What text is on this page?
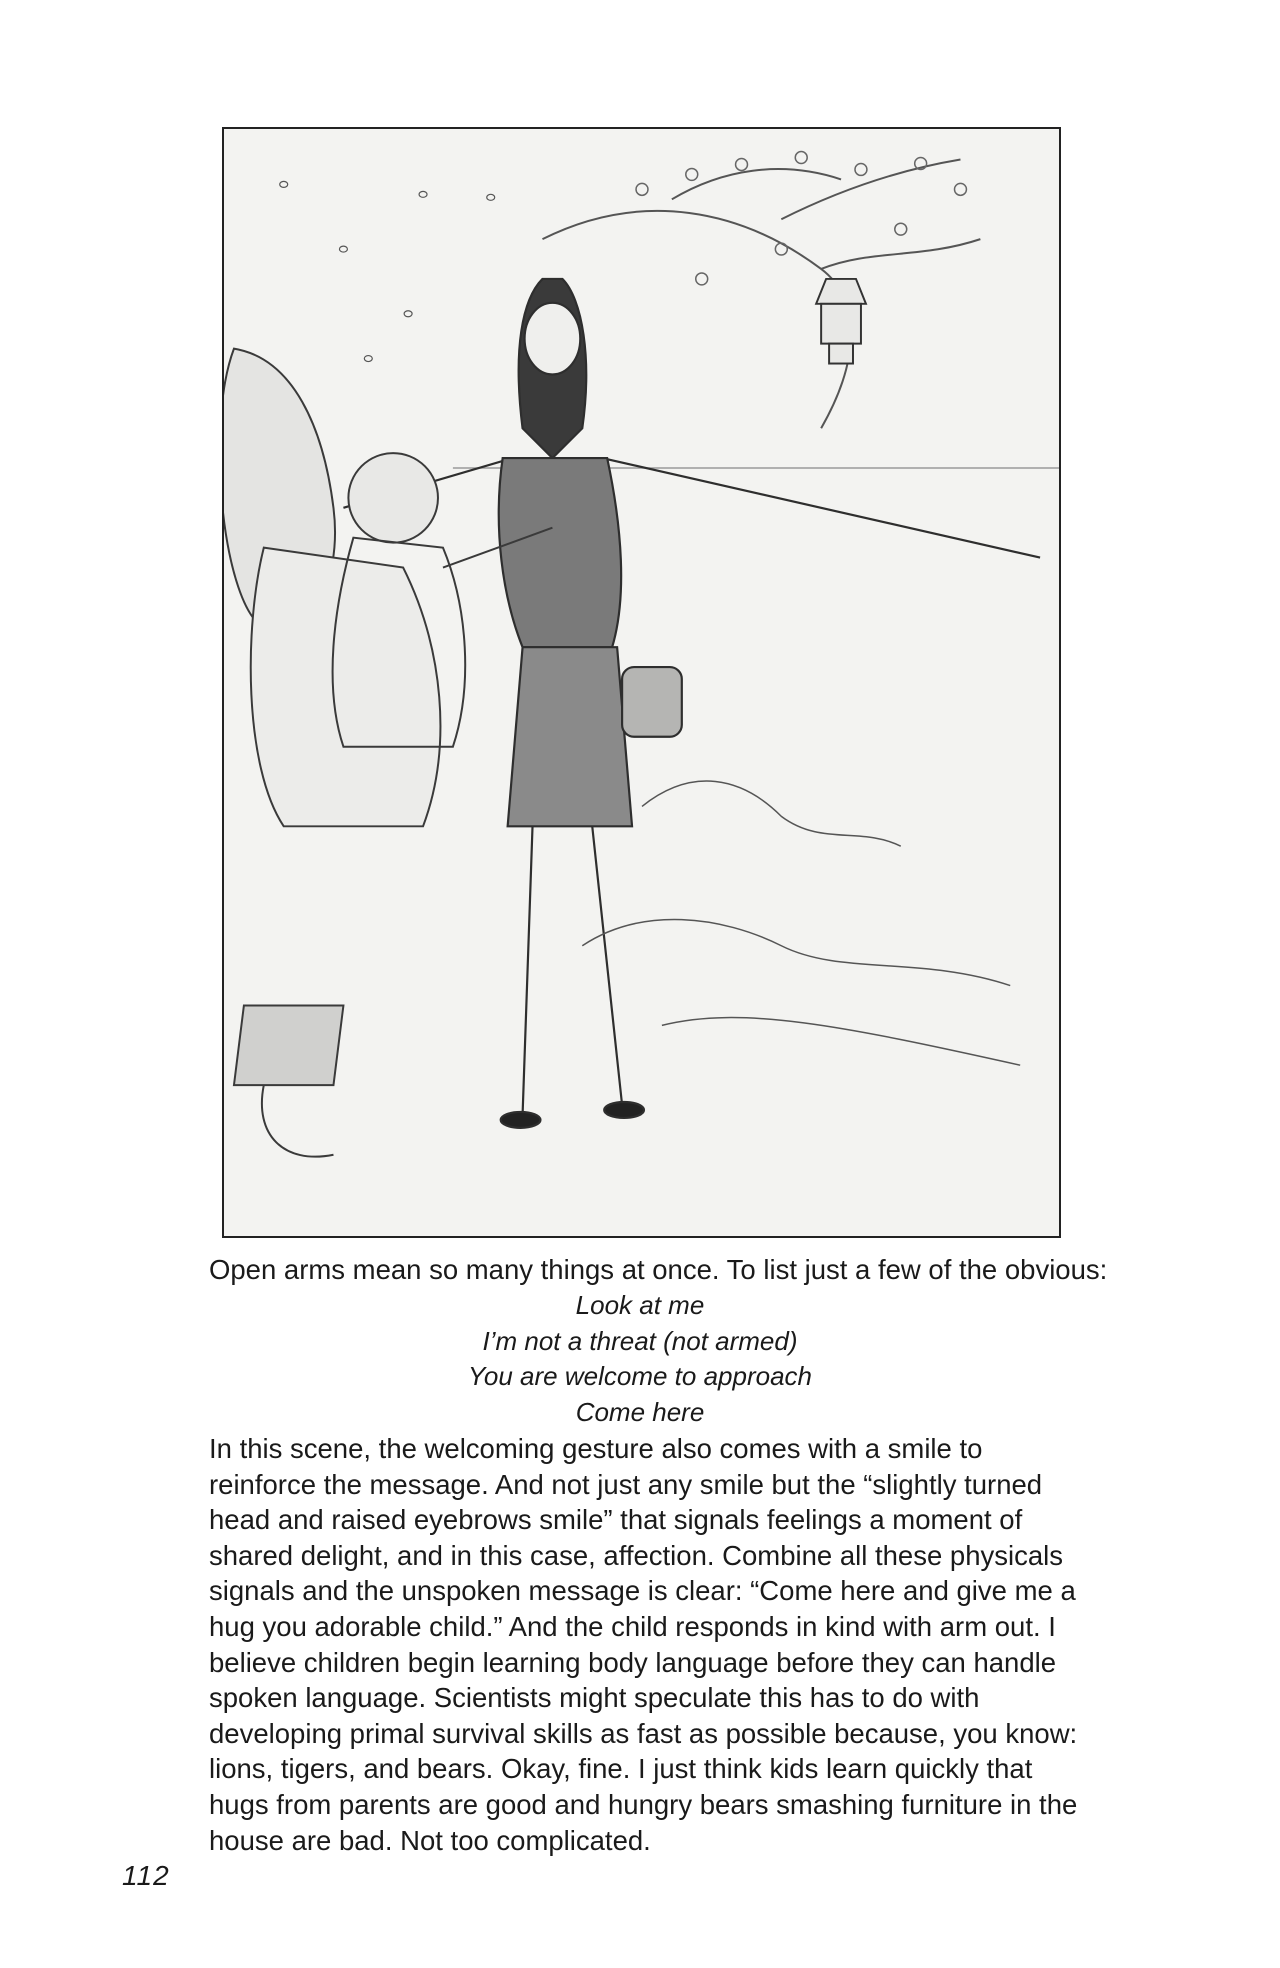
Open arms mean so many things at once. To list just a few of the obvious:
Look at me
I’m not a threat (not armed)
You are welcome to approach
Come here

In this scene, the welcoming gesture also comes with a smile to reinforce the message. And not just any smile but the “slightly turned head and raised eyebrows smile” that signals feelings a moment of shared delight, and in this case, affection. Combine all these physicals signals and the unspoken message is clear: “Come here and give me a hug you adorable child.” And the child responds in kind with arm out. I believe children begin learning body language before they can handle spoken language. Scientists might speculate this has to do with developing primal survival skills as fast as possible because, you know: lions, tigers, and bears. Okay, fine. I just think kids learn quickly that hugs from parents are good and hungry bears smashing furniture in the house are bad. Not too complicated.

112
